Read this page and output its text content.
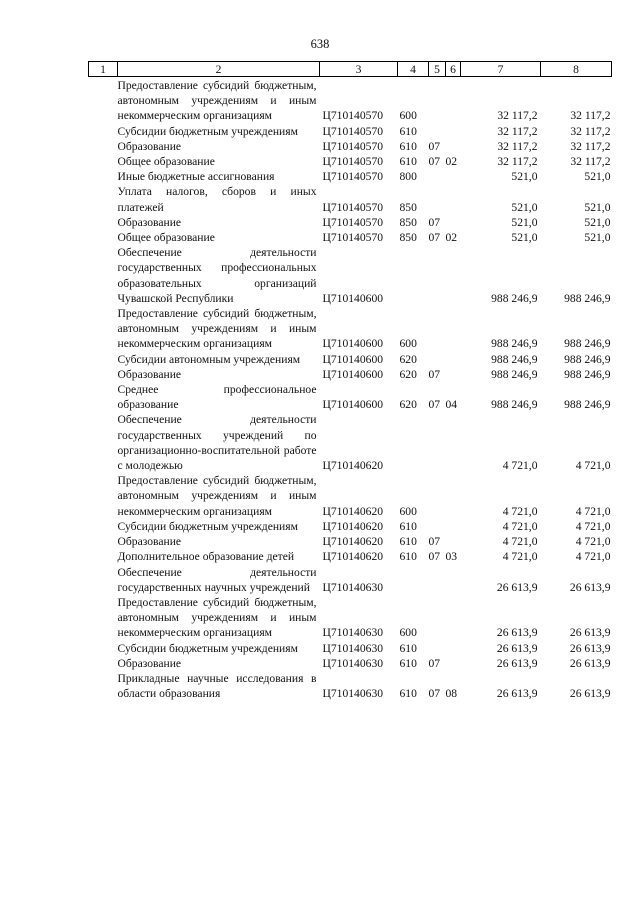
638
1	2	3	4	5	6	7	8
	Предоставление субсидий бюджетным, автономным учреждениям и иным некоммерческим организациям	Ц710140570	600			32 117,2	32 117,2
	Субсидии бюджетным учреждениям	Ц710140570	610			32 117,2	32 117,2
	Образование	Ц710140570	610	07		32 117,2	32 117,2
	Общее образование	Ц710140570	610	07	02	32 117,2	32 117,2
	Иные бюджетные ассигнования	Ц710140570	800			521,0	521,0
	Уплата налогов, сборов и иных платежей	Ц710140570	850			521,0	521,0
	Образование	Ц710140570	850	07		521,0	521,0
	Общее образование	Ц710140570	850	07	02	521,0	521,0
	Обеспечение деятельности государственных профессиональных образовательных организаций Чувашской Республики	Ц710140600				988 246,9	988 246,9
	Предоставление субсидий бюджетным, автономным учреждениям и иным некоммерческим организациям	Ц710140600	600			988 246,9	988 246,9
	Субсидии автономным учреждениям	Ц710140600	620			988 246,9	988 246,9
	Образование	Ц710140600	620	07		988 246,9	988 246,9
	Среднее профессиональное образование	Ц710140600	620	07	04	988 246,9	988 246,9
	Обеспечение деятельности государственных учреждений по организационно-воспитательной работе с молодежью	Ц710140620				4 721,0	4 721,0
	Предоставление субсидий бюджетным, автономным учреждениям и иным некоммерческим организациям	Ц710140620	600			4 721,0	4 721,0
	Субсидии бюджетным учреждениям	Ц710140620	610			4 721,0	4 721,0
	Образование	Ц710140620	610	07		4 721,0	4 721,0
	Дополнительное образование детей	Ц710140620	610	07	03	4 721,0	4 721,0
	Обеспечение деятельности государственных научных учреждений	Ц710140630				26 613,9	26 613,9
	Предоставление субсидий бюджетным, автономным учреждениям и иным некоммерческим организациям	Ц710140630	600			26 613,9	26 613,9
	Субсидии бюджетным учреждениям	Ц710140630	610			26 613,9	26 613,9
	Образование	Ц710140630	610	07		26 613,9	26 613,9
	Прикладные научные исследования в области образования	Ц710140630	610	07	08	26 613,9	26 613,9
